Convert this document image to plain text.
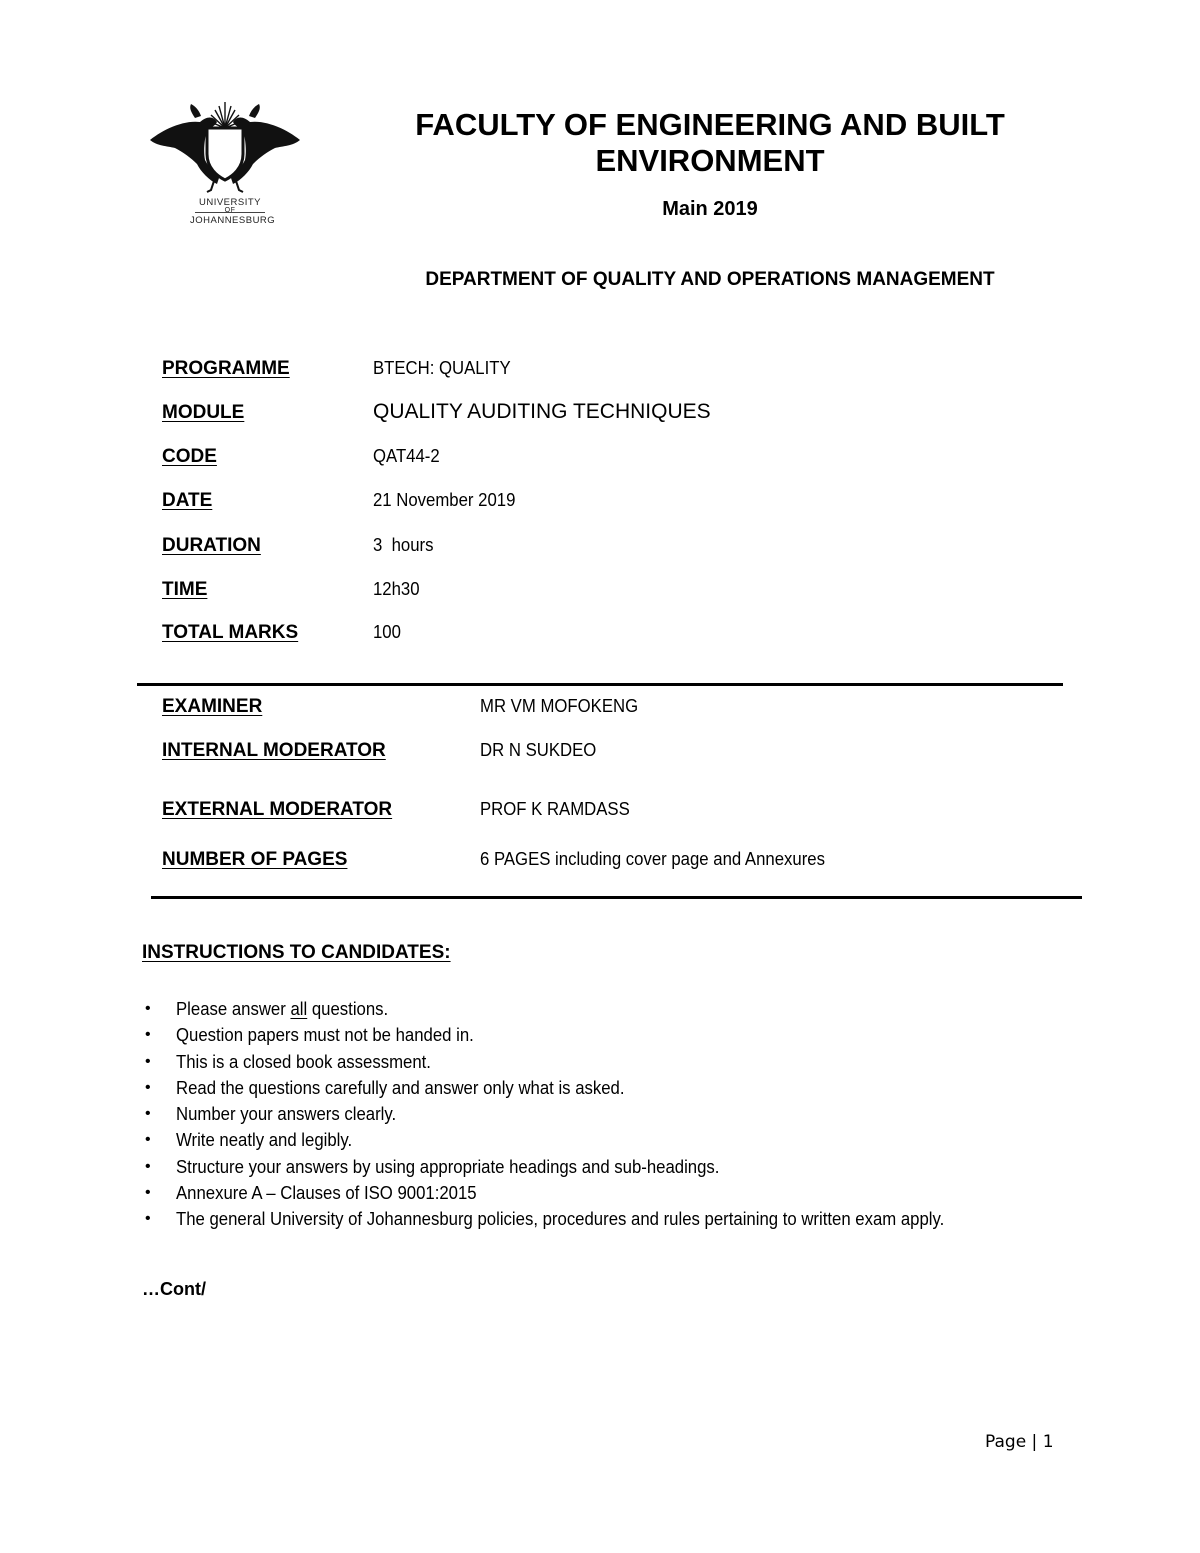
UNIVERSITY
OF
JOHANNESBURG
FACULTY OF ENGINEERING AND BUILT
ENVIRONMENT
Main 2019
DEPARTMENT OF QUALITY AND OPERATIONS MANAGEMENT
PROGRAMME	BTECH: QUALITY
MODULE	QUALITY AUDITING TECHNIQUES
CODE	QAT44-2
DATE	21 November 2019
DURATION	3  hours
TIME	12h30
TOTAL MARKS	100
EXAMINER	MR VM MOFOKENG
INTERNAL MODERATOR	DR N SUKDEO
EXTERNAL MODERATOR	PROF K RAMDASS
NUMBER OF PAGES	6 PAGES including cover page and Annexures
INSTRUCTIONS TO CANDIDATES:
• Please answer all questions.
• Question papers must not be handed in.
• This is a closed book assessment.
• Read the questions carefully and answer only what is asked.
• Number your answers clearly.
• Write neatly and legibly.
• Structure your answers by using appropriate headings and sub-headings.
• Annexure A – Clauses of ISO 9001:2015
• The general University of Johannesburg policies, procedures and rules pertaining to written exam apply.
…Cont/
Page | 1
